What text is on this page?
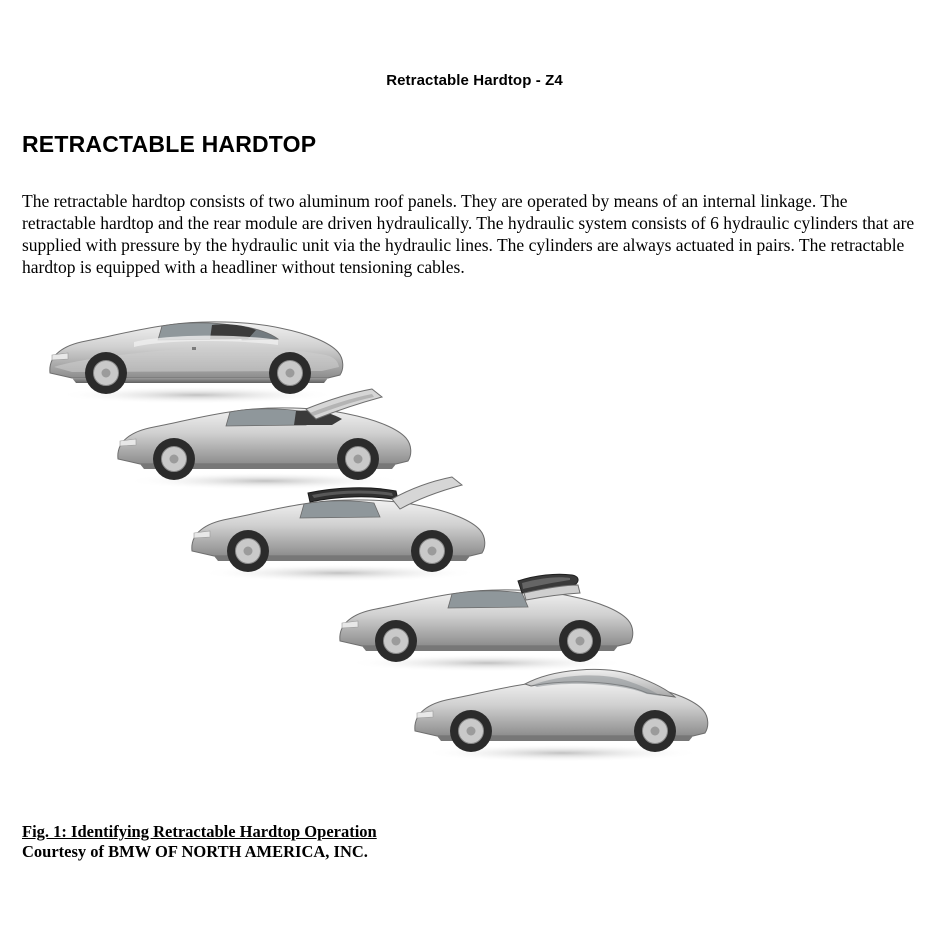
Retractable Hardtop - Z4
RETRACTABLE HARDTOP

The retractable hardtop consists of two aluminum roof panels. They are operated by means of an internal linkage. The retractable hardtop and the rear module are driven hydraulically. The hydraulic system consists of 6 hydraulic cylinders that are supplied with pressure by the hydraulic unit via the hydraulic lines. The cylinders are always actuated in pairs. The retractable hardtop is equipped with a headliner without tensioning cables.

Fig. 1: Identifying Retractable Hardtop Operation
Courtesy of BMW OF NORTH AMERICA, INC.
